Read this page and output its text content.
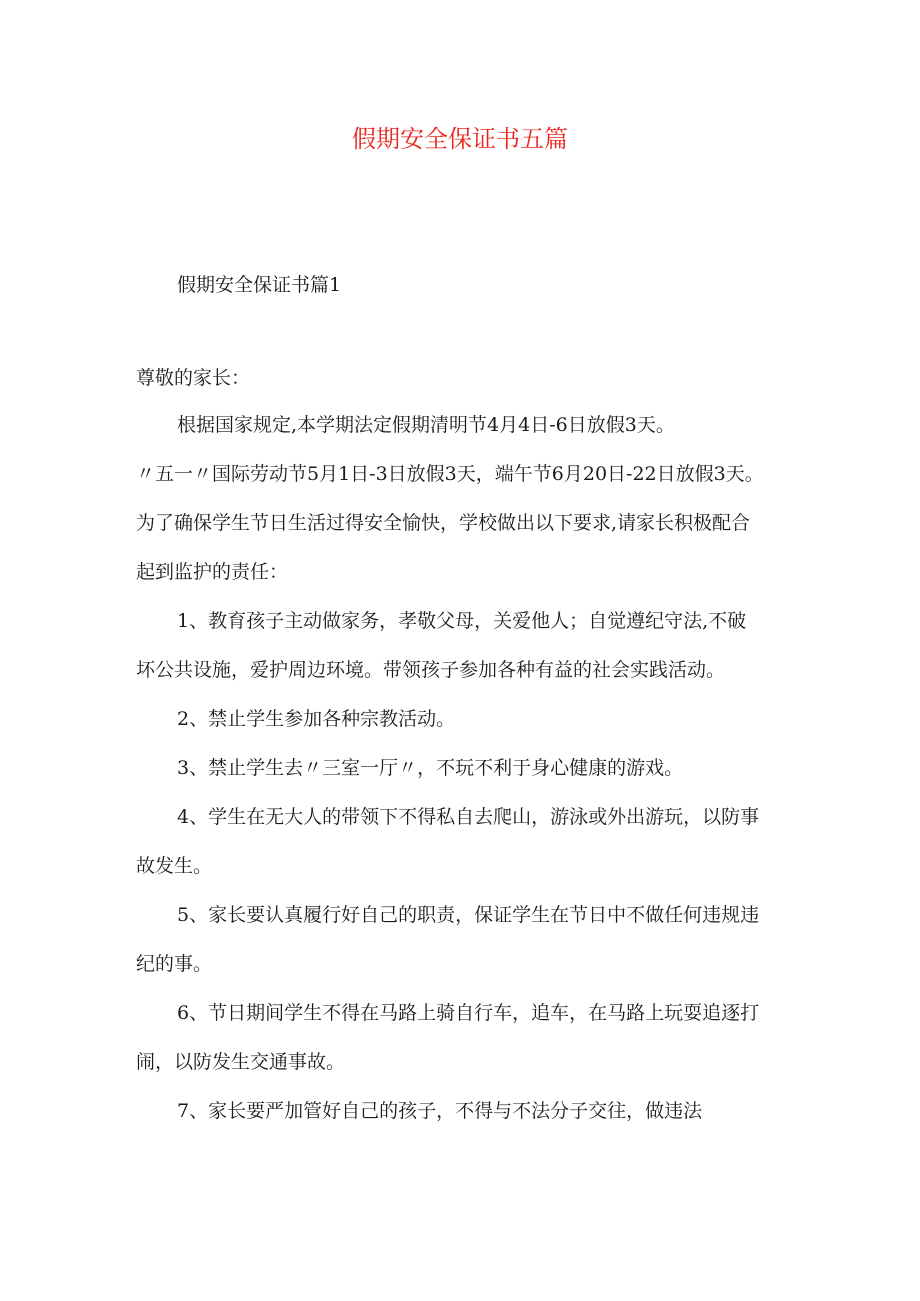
假期安全保证书五篇
假期安全保证书篇1
尊敬的家长：
根据国家规定,本学期法定假期清明节4月4日-6日放假3天。
〃五一〃国际劳动节5月1日-3日放假3天，端午节6月20日-22日放假3天。
为了确保学生节日生活过得安全愉快，学校做出以下要求,请家长积极配合
起到监护的责任：
1、教育孩子主动做家务，孝敬父母，关爱他人；自觉遵纪守法,不破
坏公共设施，爱护周边环境。带领孩子参加各种有益的社会实践活动。
2、禁止学生参加各种宗教活动。
3、禁止学生去〃三室一厅〃，不玩不利于身心健康的游戏。
4、学生在无大人的带领下不得私自去爬山，游泳或外出游玩，以防事
故发生。
5、家长要认真履行好自己的职责，保证学生在节日中不做任何违规违
纪的事。
6、节日期间学生不得在马路上骑自行车，追车，在马路上玩耍追逐打
闹，以防发生交通事故。
7、家长要严加管好自己的孩子，不得与不法分子交往，做违法
